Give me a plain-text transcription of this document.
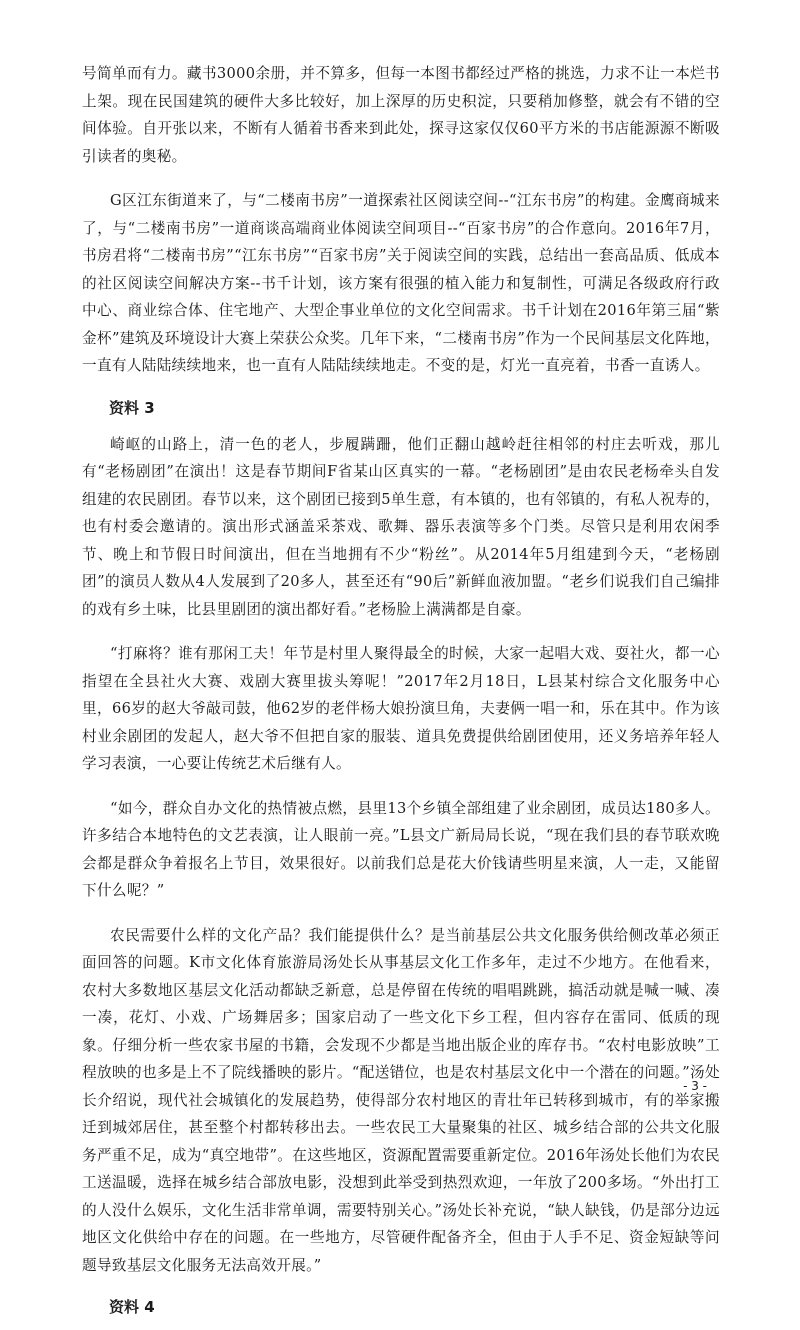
号简单而有力。藏书3000余册，并不算多，但每一本图书都经过严格的挑选，力求不让一本烂书上架。现在民国建筑的硬件大多比较好，加上深厚的历史积淀，只要稍加修整，就会有不错的空间体验。自开张以来，不断有人循着书香来到此处，探寻这家仅仅60平方米的书店能源源不断吸引读者的奥秘。

G区江东街道来了，与“二楼南书房”一道探索社区阅读空间--“江东书房”的构建。金鹰商城来了，与“二楼南书房”一道商谈高端商业体阅读空间项目--“百家书房”的合作意向。2016年7月，书房君将“二楼南书房”“江东书房”“百家书房”关于阅读空间的实践，总结出一套高品质、低成本的社区阅读空间解决方案--书千计划，该方案有很强的植入能力和复制性，可满足各级政府行政中心、商业综合体、住宅地产、大型企事业单位的文化空间需求。书千计划在2016年第三届“紫金杯”建筑及环境设计大赛上荣获公众奖。几年下来，“二楼南书房”作为一个民间基层文化阵地，一直有人陆陆续续地来，也一直有人陆陆续续地走。不变的是，灯光一直亮着，书香一直诱人。

资料 3

崎岖的山路上，清一色的老人，步履蹒跚，他们正翻山越岭赶往相邻的村庄去听戏，那儿有“老杨剧团”在演出！这是春节期间F省某山区真实的一幕。“老杨剧团”是由农民老杨牵头自发组建的农民剧团。春节以来，这个剧团已接到5单生意，有本镇的，也有邻镇的，有私人祝寿的，也有村委会邀请的。演出形式涵盖采茶戏、歌舞、器乐表演等多个门类。尽管只是利用农闲季节、晚上和节假日时间演出，但在当地拥有不少“粉丝”。从2014年5月组建到今天，“老杨剧团”的演员人数从4人发展到了20多人，甚至还有“90后”新鲜血液加盟。“老乡们说我们自己编排的戏有乡土味，比县里剧团的演出都好看。”老杨脸上满满都是自豪。

“打麻将？谁有那闲工夫！年节是村里人聚得最全的时候，大家一起唱大戏、耍社火，都一心指望在全县社火大赛、戏剧大赛里拔头筹呢！”2017年2月18日，L县某村综合文化服务中心里，66岁的赵大爷敲司鼓，他62岁的老伴杨大娘扮演旦角，夫妻俩一唱一和，乐在其中。作为该村业余剧团的发起人，赵大爷不但把自家的服装、道具免费提供给剧团使用，还义务培养年轻人学习表演，一心要让传统艺术后继有人。

“如今，群众自办文化的热情被点燃，县里13个乡镇全部组建了业余剧团，成员达180多人。许多结合本地特色的文艺表演，让人眼前一亮。”L县文广新局局长说，“现在我们县的春节联欢晚会都是群众争着报名上节目，效果很好。以前我们总是花大价钱请些明星来演，人一走，又能留下什么呢？”

农民需要什么样的文化产品？我们能提供什么？是当前基层公共文化服务供给侧改革必须正面回答的问题。K市文化体育旅游局汤处长从事基层文化工作多年，走过不少地方。在他看来，农村大多数地区基层文化活动都缺乏新意，总是停留在传统的唱唱跳跳，搞活动就是喊一喊、凑一凑，花灯、小戏、广场舞居多；国家启动了一些文化下乡工程，但内容存在雷同、低质的现象。仔细分析一些农家书屋的书籍，会发现不少都是当地出版企业的库存书。“农村电影放映”工程放映的也多是上不了院线播映的影片。“配送错位，也是农村基层文化中一个潜在的问题。”汤处长介绍说，现代社会城镇化的发展趋势，使得部分农村地区的青壮年已转移到城市，有的举家搬迁到城郊居住，甚至整个村都转移出去。一些农民工大量聚集的社区、城乡结合部的公共文化服务严重不足，成为“真空地带”。在这些地区，资源配置需要重新定位。2016年汤处长他们为农民工送温暖，选择在城乡结合部放电影，没想到此举受到热烈欢迎，一年放了200多场。“外出打工的人没什么娱乐，文化生活非常单调，需要特别关心。”汤处长补充说，“缺人缺钱，仍是部分边远地区文化供给中存在的问题。在一些地方，尽管硬件配备齐全，但由于人手不足、资金短缺等问题导致基层文化服务无法高效开展。”

资料 4
- 3 -
